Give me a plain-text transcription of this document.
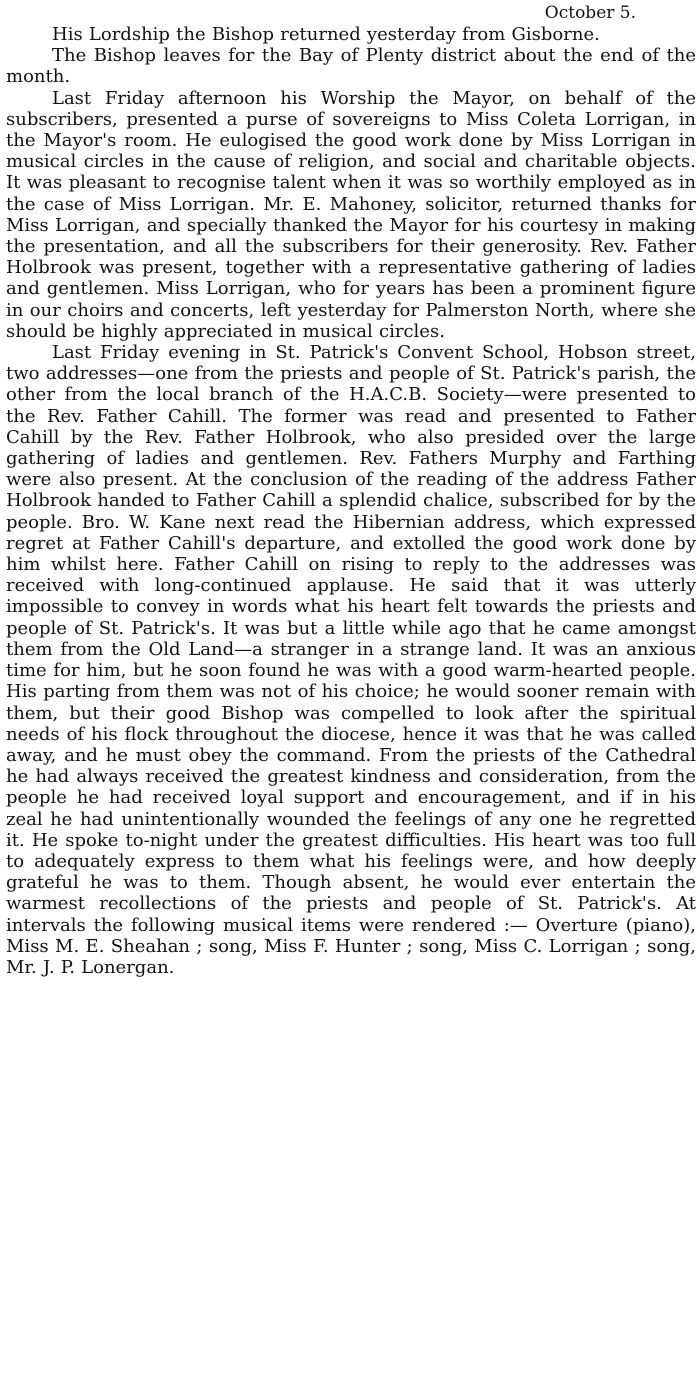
October 5.

His Lordship the Bishop returned yesterday from Gisborne.

The Bishop leaves for the Bay of Plenty district about the end of the month.

Last Friday afternoon his Worship the Mayor, on behalf of the subscribers, presented a purse of sovereigns to Miss Coleta Lorrigan, in the Mayor's room. He eulogised the good work done by Miss Lorrigan in musical circles in the cause of religion, and social and charitable objects. It was pleasant to recognise talent when it was so worthily employed as in the case of Miss Lorrigan. Mr. E. Mahoney, solicitor, returned thanks for Miss Lorrigan, and specially thanked the Mayor for his courtesy in making the presentation, and all the subscribers for their generosity. Rev. Father Holbrook was present, together with a representative gathering of ladies and gentlemen. Miss Lorrigan, who for years has been a prominent figure in our choirs and concerts, left yesterday for Palmerston North, where she should be highly appreciated in musical circles.

Last Friday evening in St. Patrick's Convent School, Hobson street, two addresses—one from the priests and people of St. Patrick's parish, the other from the local branch of the H.A.C.B. Society—were presented to the Rev. Father Cahill. The former was read and presented to Father Cahill by the Rev. Father Holbrook, who also presided over the large gathering of ladies and gentlemen. Rev. Fathers Murphy and Farthing were also present. At the conclusion of the reading of the address Father Holbrook handed to Father Cahill a splendid chalice, subscribed for by the people. Bro. W. Kane next read the Hibernian address, which expressed regret at Father Cahill's departure, and extolled the good work done by him whilst here. Father Cahill on rising to reply to the addresses was received with long-continued applause. He said that it was utterly impossible to convey in words what his heart felt towards the priests and people of St. Patrick's. It was but a little while ago that he came amongst them from the Old Land—a stranger in a strange land. It was an anxious time for him, but he soon found he was with a good warm-hearted people. His parting from them was not of his choice; he would sooner remain with them, but their good Bishop was compelled to look after the spiritual needs of his flock throughout the diocese, hence it was that he was called away, and he must obey the command. From the priests of the Cathedral he had always received the greatest kindness and consideration, from the people he had received loyal support and encouragement, and if in his zeal he had unintentionally wounded the feelings of any one he regretted it. He spoke to-night under the greatest difficulties. His heart was too full to adequately express to them what his feelings were, and how deeply grateful he was to them. Though absent, he would ever entertain the warmest recollections of the priests and people of St. Patrick's. At intervals the following musical items were rendered :— Overture (piano), Miss M. E. Sheahan ; song, Miss F. Hunter ; song, Miss C. Lorrigan ; song, Mr. J. P. Lonergan.
